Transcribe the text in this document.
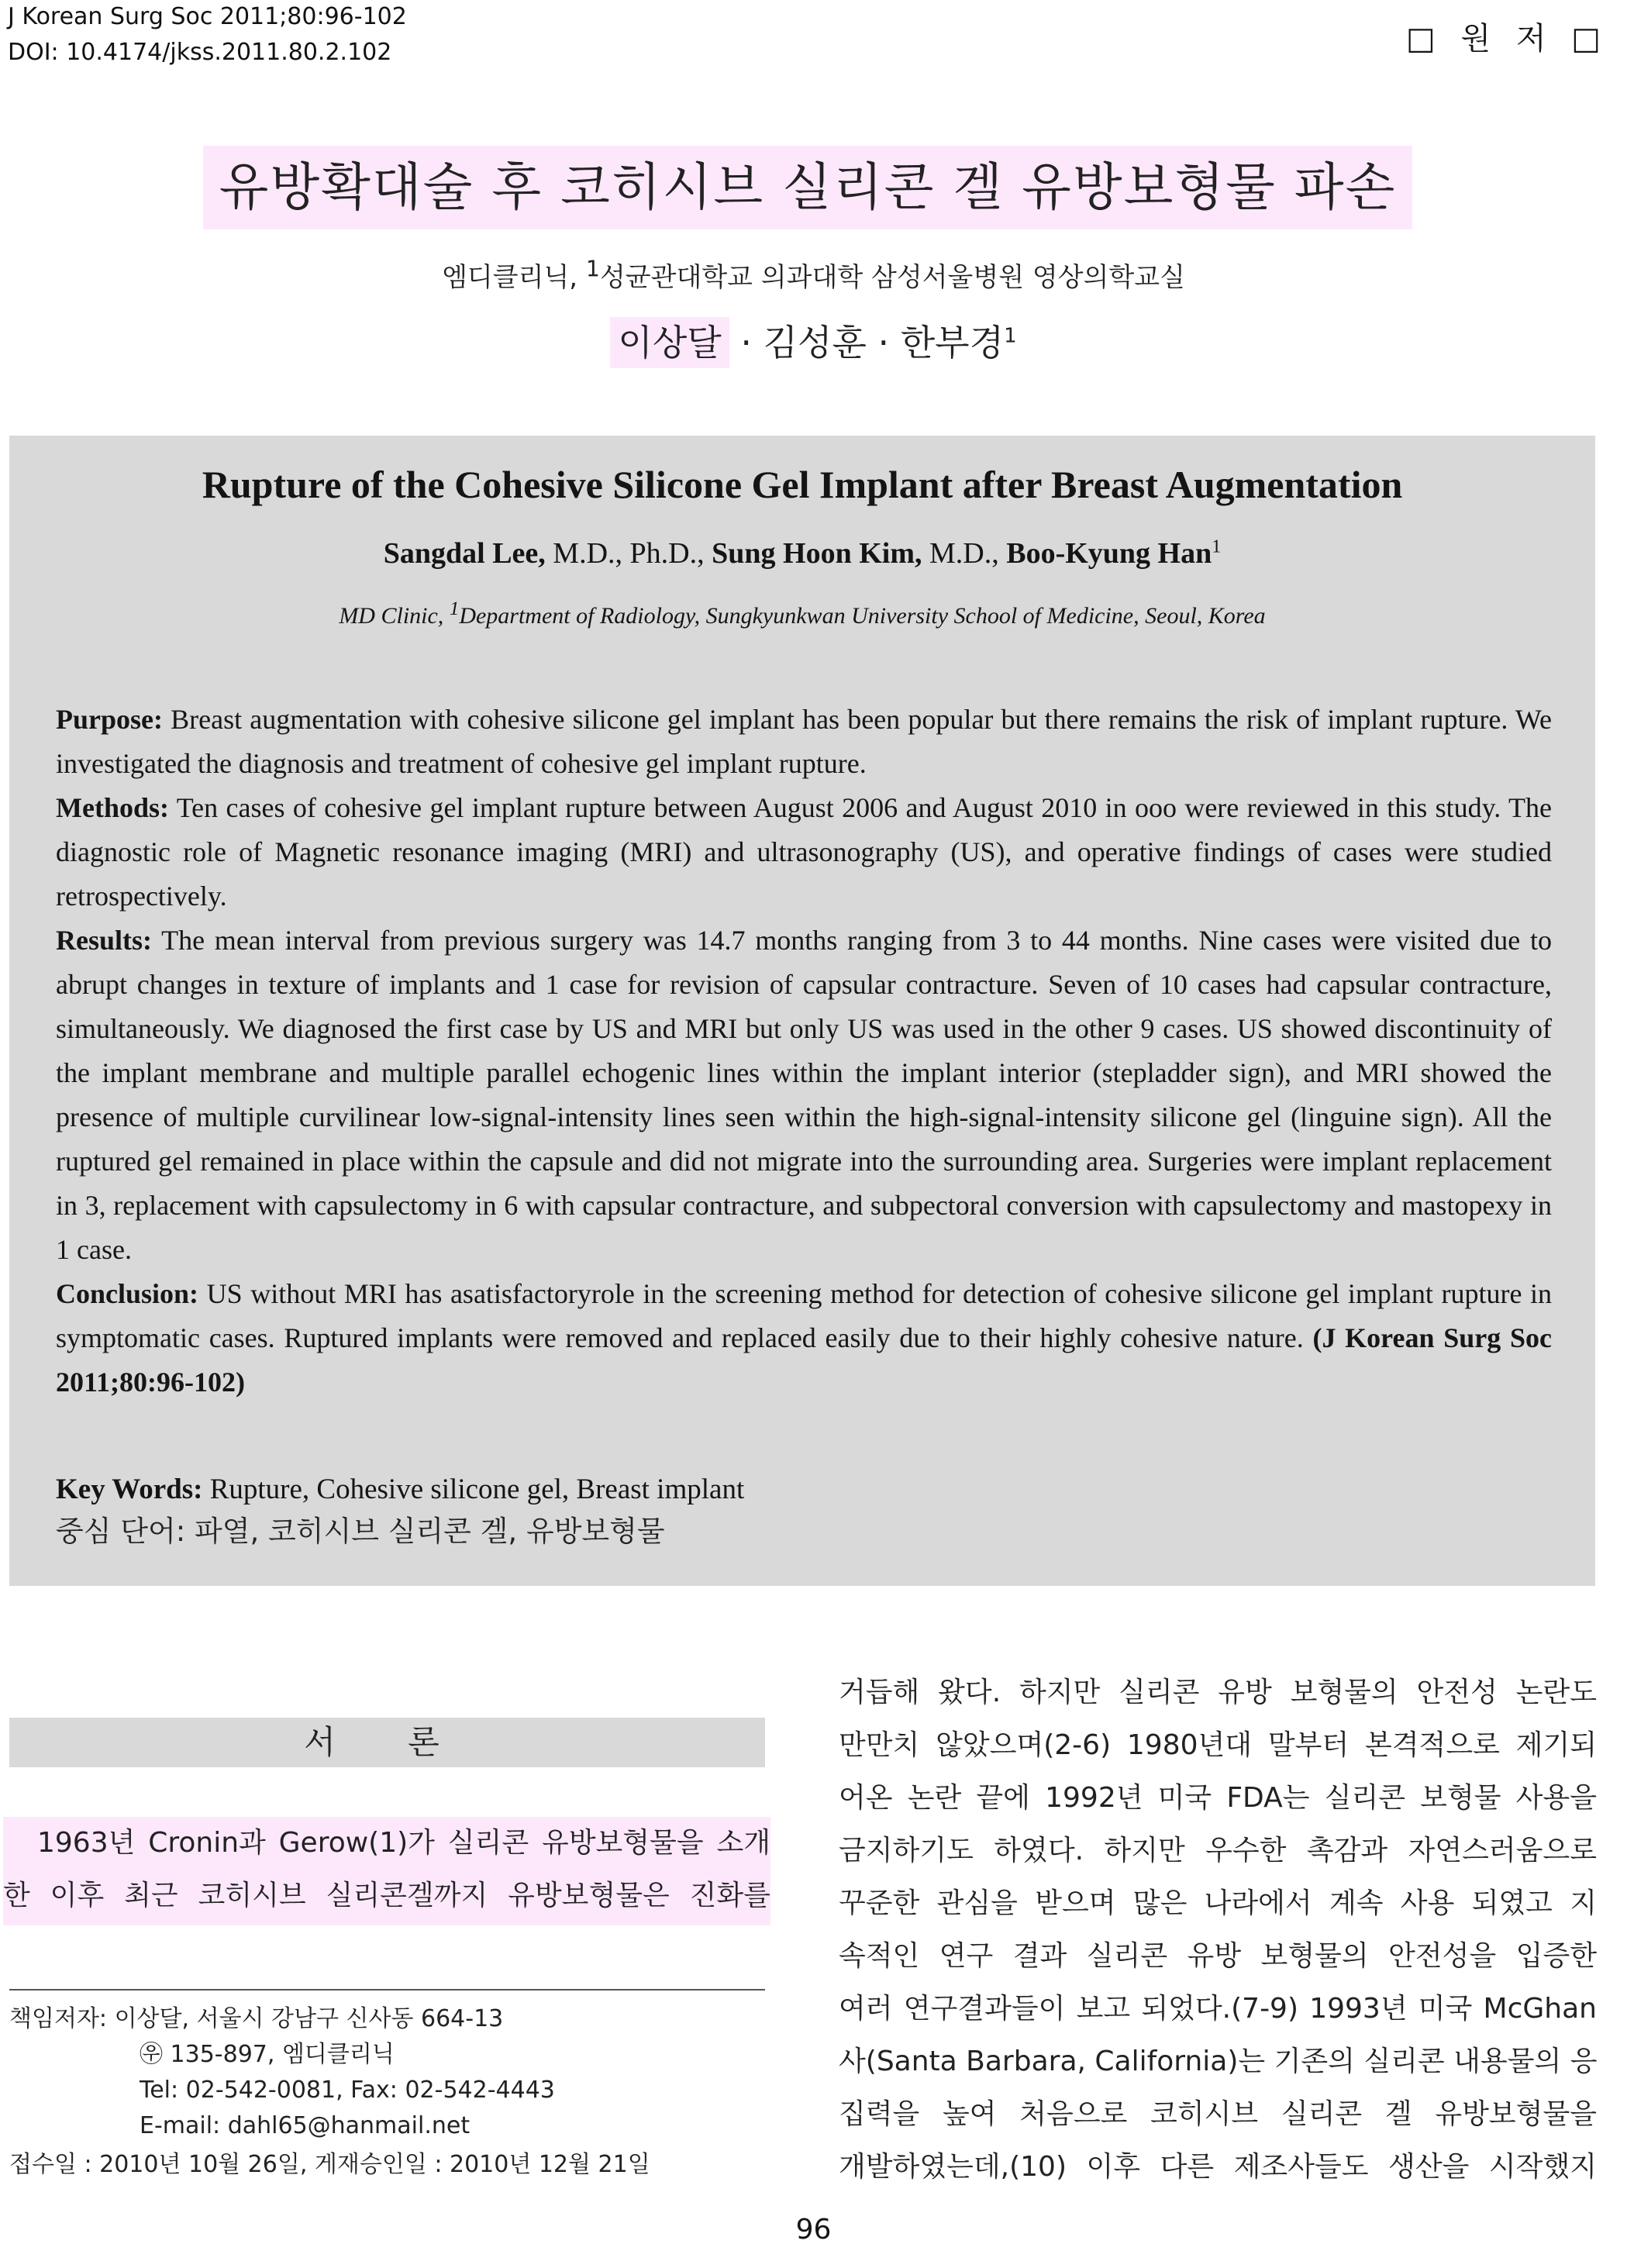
J Korean Surg Soc 2011;80:96-102
DOI: 10.4174/jkss.2011.80.2.102	□ 원 저 □
유방확대술 후 코히시브 실리콘 겔 유방보형물 파손
엠디클리닉, $^1$성균관대학교 의과대학 삼성서울병원 영상의학교실
이상달 · 김성훈 · 한부경$^1$
Rupture of the Cohesive Silicone Gel Implant after Breast Augmentation
Sangdal Lee, M.D., Ph.D., Sung Hoon Kim, M.D., Boo-Kyung Han$^1$
MD Clinic, $^1$Department of Radiology, Sungkyunkwan University School of Medicine, Seoul, Korea

Purpose: Breast augmentation with cohesive silicone gel implant has been popular but there remains the risk of implant rupture. We investigated the diagnosis and treatment of cohesive gel implant rupture.

Methods: Ten cases of cohesive gel implant rupture between August 2006 and August 2010 in ooo were reviewed in this study. The diagnostic role of Magnetic resonance imaging (MRI) and ultrasonography (US), and operative findings of cases were studied retrospectively.

Results: The mean interval from previous surgery was 14.7 months ranging from 3 to 44 months. Nine cases were visited due to abrupt changes in texture of implants and 1 case for revision of capsular contracture. Seven of 10 cases had capsular contracture, simultaneously. We diagnosed the first case by US and MRI but only US was used in the other 9 cases. US showed discontinuity of the implant membrane and multiple parallel echogenic lines within the implant interior (stepladder sign), and MRI showed the presence of multiple curvilinear low-signal-intensity lines seen within the high-signal-intensity silicone gel (linguine sign). All the ruptured gel remained in place within the capsule and did not migrate into the surrounding area. Surgeries were implant replacement in 3, replacement with capsulectomy in 6 with capsular contracture, and subpectoral conversion with capsulectomy and mastopexy in 1 case.

Conclusion: US without MRI has asatisfactoryrole in the screening method for detection of cohesive silicone gel implant rupture in symptomatic cases. Ruptured implants were removed and replaced easily due to their highly cohesive nature. (J Korean Surg Soc 2011;80:96-102)

Key Words: Rupture, Cohesive silicone gel, Breast implant
중심 단어: 파열, 코히시브 실리콘 겔, 유방보형물
서 론

1963년 Cronin과 Gerow(1)가 실리콘 유방보형물을 소개

한 이후 최근 코히시브 실리콘겔까지 유방보형물은 진화를

책임저자: 이상달, 서울시 강남구 신사동 664-13
㉾ 135-897, 엠디클리닉
Tel: 02-542-0081, Fax: 02-542-4443
E-mail: dahl65@hanmail.net
접수일 : 2010년 10월 26일, 게재승인일 : 2010년 12월 21일
거듭해 왔다. 하지만 실리콘 유방 보형물의 안전성 논란도
만만치 않았으며(2-6) 1980년대 말부터 본격적으로 제기되
어온 논란 끝에 1992년 미국 FDA는 실리콘 보형물 사용을
금지하기도 하였다. 하지만 우수한 촉감과 자연스러움으로
꾸준한 관심을 받으며 많은 나라에서 계속 사용 되였고 지
속적인 연구 결과 실리콘 유방 보형물의 안전성을 입증한
여러 연구결과들이 보고 되었다.(7-9) 1993년 미국 McGhan
사(Santa Barbara, California)는 기존의 실리콘 내용물의 응
집력을 높여 처음으로 코히시브 실리콘 겔 유방보형물을
개발하였는데,(10) 이후 다른 제조사들도 생산을 시작했지
96
